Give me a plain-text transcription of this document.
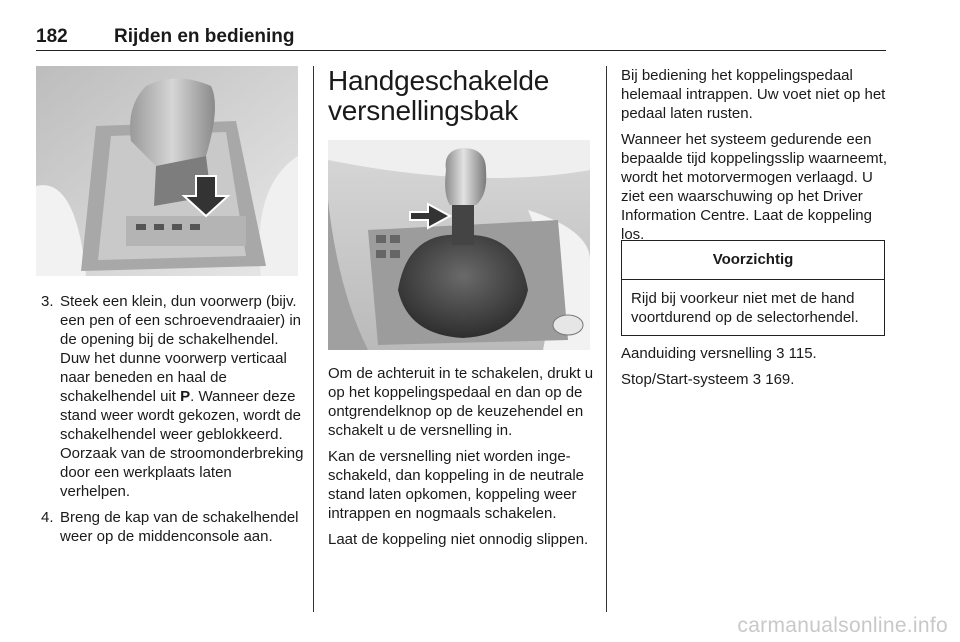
182 Rijden en bediening
3. Steek een klein, dun voorwerp (bijv. een pen of een schroevendraaier) in de opening bij de schakelhendel. Duw het dunne voorwerp verticaal naar beneden en haal de schakelhendel uit P. Wanneer deze stand weer wordt gekozen, wordt de schakelhendel weer geblokkeerd. Oorzaak van de stroomonderbreking door een werkplaats laten verhelpen.
4. Breng de kap van de schakelhendel weer op de middenconsole aan.
Handgeschakelde versnellingsbak

Om de achteruit in te schakelen, drukt u op het koppelingspedaal en dan op de ontgrendelknop op de keuzehendel en schakelt u de versnelling in.

Kan de versnelling niet worden ingeschakeld, dan koppeling in de neutrale stand laten opkomen, koppeling weer intrappen en nogmaals schakelen.

Laat de koppeling niet onnodig slippen.

Bij bediening het koppelingspedaal helemaal intrappen. Uw voet niet op het pedaal laten rusten.

Wanneer het systeem gedurende een bepaalde tijd koppelingsslip waarneemt, wordt het motorvermogen verlaagd. U ziet een waarschuwing op het Driver Information Centre. Laat de koppeling los.

Voorzichtig
Rijd bij voorkeur niet met de hand voortdurend op de selectorhendel.

Aanduiding versnelling 3 115.

Stop/Start-systeem 3 169.

carmanualsonline.info
